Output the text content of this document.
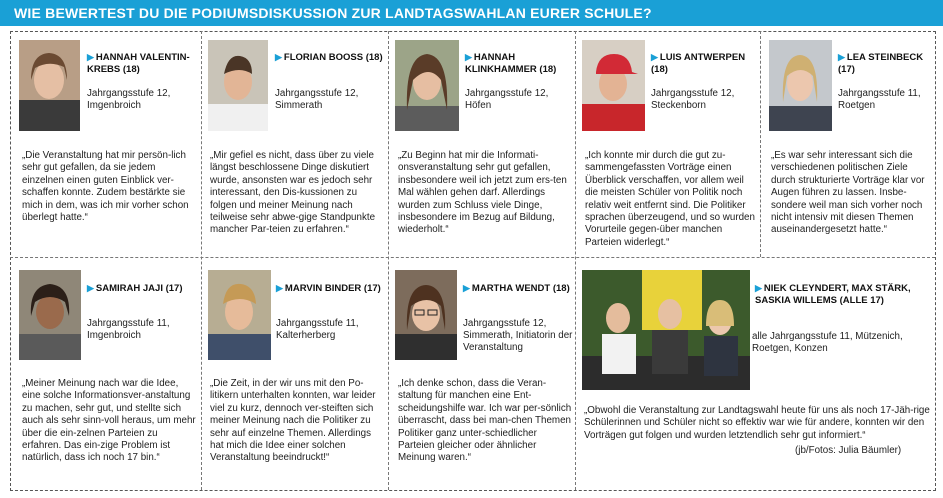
WIE BEWERTEST DU DIE PODIUMSDISKUSSION ZUR LANDTAGSWAHLAN EURER SCHULE?
▶ HANNAH VALENTIN-KREBS (18)
Jahrgangsstufe 12, Imgenbroich
„Die Veranstaltung hat mir persön-lich sehr gut gefallen, da sie jedem einzelnen einen guten Einblick ver-schaffen konnte. Zudem bestärkte sie mich in dem, was ich mir vorher schon überlegt hatte.“
▶ FLORIAN BOOSS (18)
Jahrgangsstufe 12, Simmerath
„Mir gefiel es nicht, dass über zu viele längst beschlossene Dinge diskutiert wurde, ansonsten war es jedoch sehr interessant, den Dis-kussionen zu folgen und meiner Meinung nach teilweise sehr abwe-gige Standpunkte mancher Par-teien zu erfahren.“
▶ HANNAH KLINKHAMMER (18)
Jahrgangsstufe 12, Höfen
„Zu Beginn hat mir die Informati-onsveranstaltung sehr gut gefallen, insbesondere weil ich jetzt zum ers-ten Mal wählen gehen darf. Allerdings wurden zum Schluss viele Dinge, insbesondere im Bezug auf Bildung, wiederholt.“
▶ LUIS ANTWERPEN (18)
Jahrgangsstufe 12, Steckenborn
„Ich konnte mir durch die gut zu-sammengefassten Vorträge einen Überblick verschaffen, vor allem weil die meisten Schüler von Politik noch relativ weit entfernt sind. Die Politiker sprachen überzeugend, und so wurden Vorurteile gegen-über manchen Parteien widerlegt.“
▶ LEA STEINBECK (17)
Jahrgangsstufe 11, Roetgen
„Es war sehr interessant sich die verschiedenen politischen Ziele durch strukturierte Vorträge klar vor Augen führen zu lassen. Insbe-sondere weil man sich vorher noch nicht intensiv mit diesen Themen auseinandergesetzt hatte.“
▶ SAMIRAH JAJI (17)
Jahrgangsstufe 11, Imgenbroich
„Meiner Meinung nach war die Idee, eine solche Informationsver-anstaltung zu machen, sehr gut, und stellte sich auch als sehr sinn-voll heraus, um mehr über die ein-zelnen Parteien zu erfahren. Das ein-zige Problem ist natürlich, dass ich noch 17 bin.“
▶ MARVIN BINDER (17)
Jahrgangsstufe 11, Kalterherberg
„Die Zeit, in der wir uns mit den Po-litikern unterhalten konnten, war leider viel zu kurz, dennoch ver-steiften sich meiner Meinung nach die Politiker zu sehr auf einzelne Themen. Allerdings hat mich die Idee einer solchen Veranstaltung beeindruckt!“
▶ MARTHA WENDT (18)
Jahrgangsstufe 12, Simmerath, Initiatorin der Veranstaltung
„Ich denke schon, dass die Veran-staltung für manchen eine Ent-scheidungshilfe war. Ich war per-sönlich überrascht, dass bei man-chen Themen Politiker ganz unter-schiedlicher Parteien gleicher oder ähnlicher Meinung waren.“
▶ NIEK CLEYNDERT, MAX STÄRK, SASKIA WILLEMS (ALLE 17)
alle Jahrgangsstufe 11, Mützenich, Roetgen, Konzen
„Obwohl die Veranstaltung zur Landtagswahl heute für uns als noch 17-Jäh-rige Schülerinnen und Schüler nicht so effektiv war wie für andere, konnten wir den Vorträgen gut folgen und wurden letztendlich sehr gut informiert.“
(jb/Fotos: Julia Bäumler)
